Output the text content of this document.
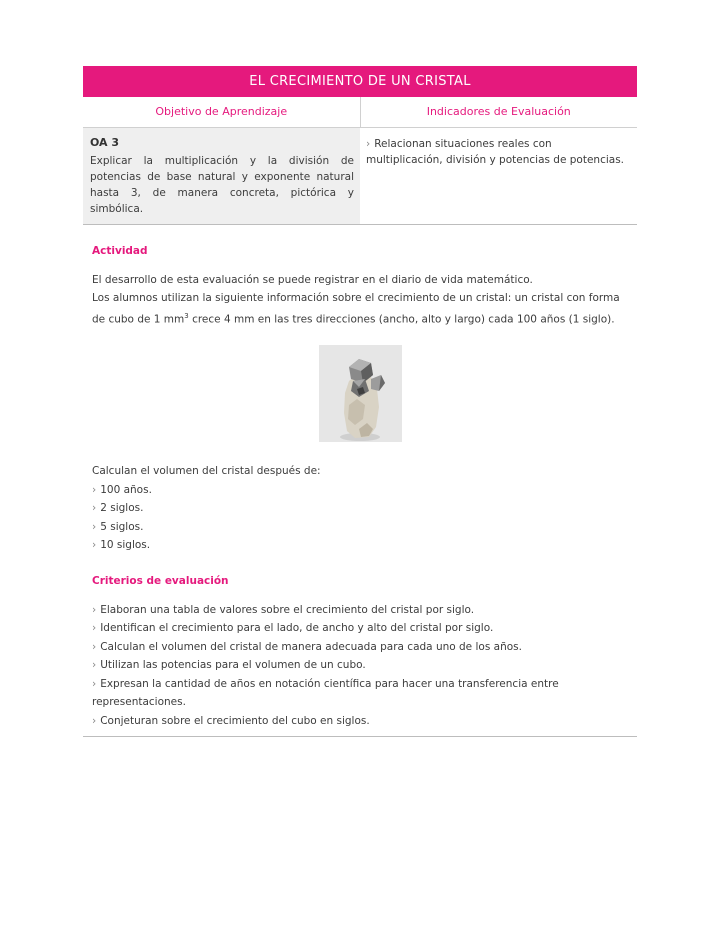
EL CRECIMIENTO DE UN CRISTAL
Objetivo de Aprendizaje	Indicadores de Evaluación
OA 3
Explicar la multiplicación y la división de potencias de base natural y exponente natural hasta 3, de manera concreta, pictórica y simbólica.
› Relacionan situaciones reales con multiplicación, división y potencias de potencias.
Actividad

El desarrollo de esta evaluación se puede registrar en el diario de vida matemático.

Los alumnos utilizan la siguiente información sobre el crecimiento de un cristal: un cristal con forma de cubo de 1 $mm^3$ crece 4 mm en las tres direcciones (ancho, alto y largo) cada 100 años (1 siglo).

Calculan el volumen del cristal después de:

› 100 años.
› 2 siglos.
› 5 siglos.
› 10 siglos.
Criterios de evaluación
› Elaboran una tabla de valores sobre el crecimiento del cristal por siglo.
› Identifican el crecimiento para el lado, de ancho y alto del cristal por siglo.
› Calculan el volumen del cristal de manera adecuada para cada uno de los años.
› Utilizan las potencias para el volumen de un cubo.
› Expresan la cantidad de años en notación científica para hacer una transferencia entre representaciones.
› Conjeturan sobre el crecimiento del cubo en siglos.
